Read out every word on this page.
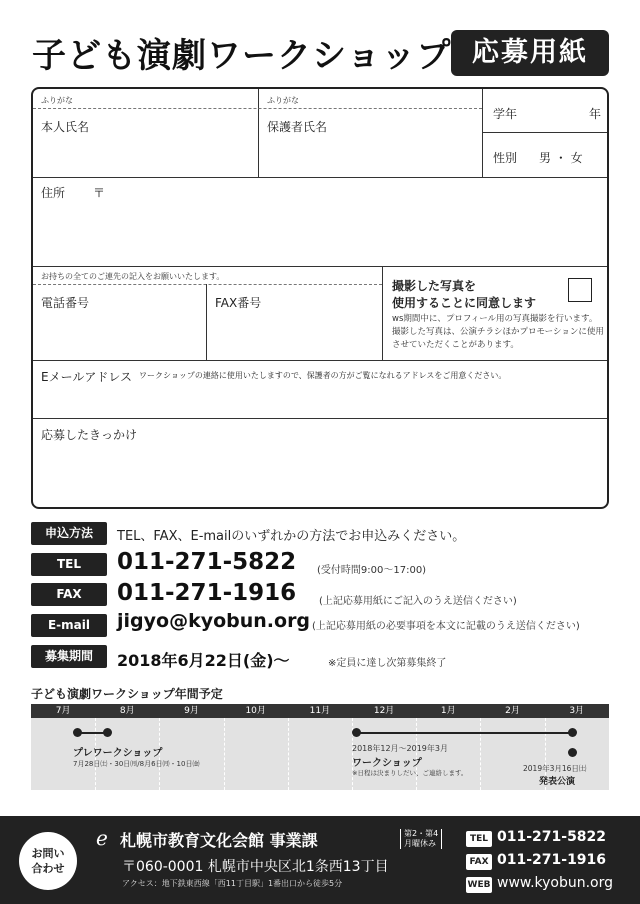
子ども演劇ワークショップ 応募用紙
ふりがな
本人氏名
ふりがな
保護者氏名
学年	年
性別 男 ・ 女
住所 〒
お持ちの全てのご連先の記入をお願いいたします。
電話番号	FAX番号
撮影した写真を
使用することに同意します
ws期間中に、プロフィール用の写真撮影を行います。撮影した写真は、公演チラシほかプロモーションに使用させていただくことがあります。
Eメールアドレス ワークショップの連絡に使用いたしますので、保護者の方がご覧になれるアドレスをご用意ください。
応募したきっかけ
申込方法	TEL、FAX、E-mailのいずれかの方法でお申込みください。
TEL	011-271-5822 (受付時間9:00〜17:00)
FAX	011-271-1916 (上記応募用紙にご記入のうえ送信ください)
E-mail	jigyo@kyobun.org (上記応募用紙の必要事項を本文に記載のうえ送信ください)
募集期間	2018年6月22日(金)〜	※定員に達し次第募集終了
子ども演劇ワークショップ年間予定
7月	8月	9月	10月	11月	12月	1月	2月	3月
プレワークショップ
7月28日㈯・30日㈪/8月6日㈪・10日㈮
2018年12月〜2019年3月
ワークショップ
※日程は決まりしだい、ご連絡します。	2019年3月16日㈯
発表公演
お問い
合わせ
ℯ 札幌市教育文化会館 事業課	第2・第4
月曜休み
〒060-0001 札幌市中央区北1条西13丁目
アクセス：地下鉄東西線「西11丁目駅」1番出口から徒歩5分
TEL 011-271-5822
FAX 011-271-1916
WEB www.kyobun.org
